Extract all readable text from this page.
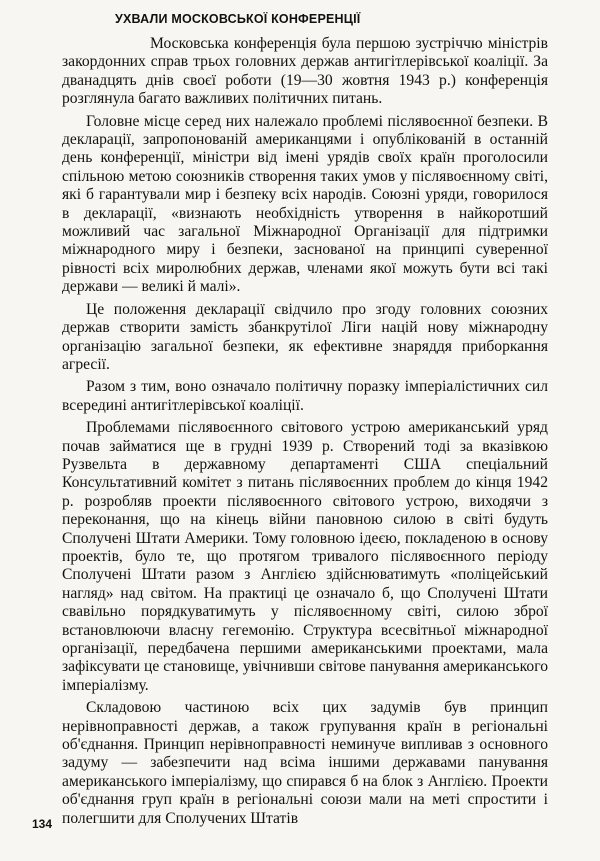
УХВАЛИ МОСКОВСЬКОЇ КОНФЕРЕНЦІЇ

Московська конференція була першою зустріччю міністрів закордонних справ трьох головних держав антигітлерівської коаліції. За дванадцять днів своєї роботи (19—30 жовтня 1943 р.) конференція розглянула багато важливих політичних питань.

Головне місце серед них належало проблемі післявоєнної безпеки. В декларації, запропонованій американцями і опублікованій в останній день конференції, міністри від імені урядів своїх країн проголосили спільною метою союзників створення таких умов у післявоєнному світі, які б гарантували мир і безпеку всіх народів. Союзні уряди, говорилося в декларації, «визнають необхідність утворення в найкоротший можливий час загальної Міжнародної Організації для підтримки міжнародного миру і безпеки, заснованої на принципі суверенної рівності всіх миролюбних держав, членами якої можуть бути всі такі держави — великі й малі».

Це положення декларації свідчило про згоду головних союзних держав створити замість збанкрутілої Ліги націй нову міжнародну організацію загальної безпеки, як ефективне знаряддя приборкання агресії.

Разом з тим, воно означало політичну поразку імперіалістичних сил всередині антигітлерівської коаліції.

Проблемами післявоєнного світового устрою американський уряд почав займатися ще в грудні 1939 р. Створений тоді за вказівкою Рузвельта в державному департаменті США спеціальний Консультативний комітет з питань післявоєнних проблем до кінця 1942 р. розробляв проекти післявоєнного світового устрою, виходячи з переконання, що на кінець війни пановною силою в світі будуть Сполучені Штати Америки. Тому головною ідеєю, покладеною в основу проектів, було те, що протягом тривалого післявоєнного періоду Сполучені Штати разом з Англією здійснюватимуть «поліцейський нагляд» над світом. На практиці це означало б, що Сполучені Штати свавільно порядкуватимуть у післявоєнному світі, силою зброї встановлюючи власну гегемонію. Структура всесвітньої міжнародної організації, передбачена першими американськими проектами, мала зафіксувати це становище, увічнивши світове панування американського імперіалізму.

Складовою частиною всіх цих задумів був принцип нерівноправності держав, а також групування країн в регіональні об'єднання. Принцип нерівноправності неминуче випливав з основного задуму — забезпечити над всіма іншими державами панування американського імперіалізму, що спирався б на блок з Англією. Проекти об'єднання груп країн в регіональні союзи мали на меті спростити і полегшити для Сполучених Штатів

134
